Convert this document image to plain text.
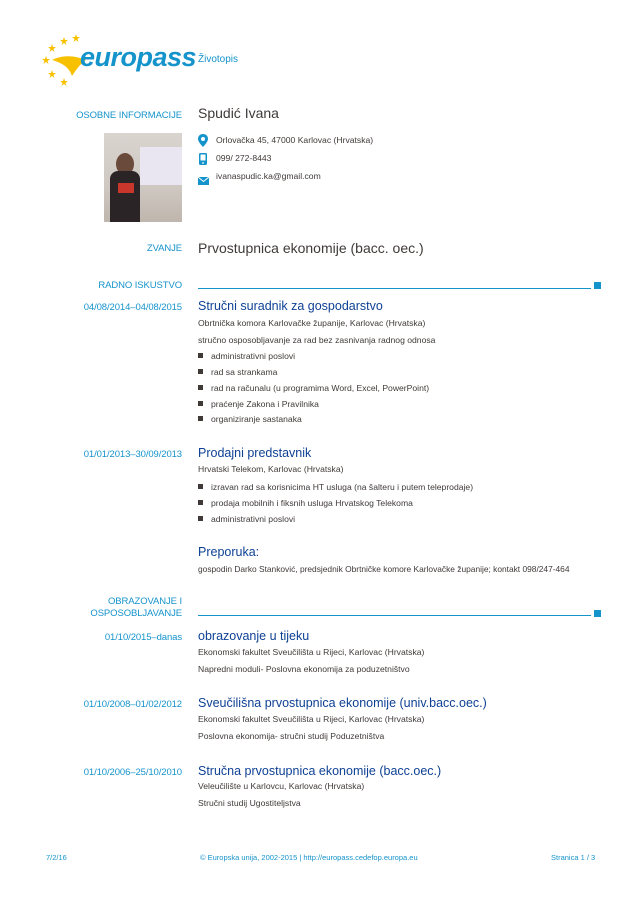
europass Životopis
OSOBNE INFORMACIJE Spudić Ivana
Orlovačka 45, 47000 Karlovac (Hrvatska)
099/ 272-8443
ivanaspudic.ka@gmail.com
ZVANJE Prvostupnica ekonomije (bacc. oec.)
RADNO ISKUSTVO
04/08/2014–04/08/2015 Stručni suradnik za gospodarstvo
Obrtnička komora Karlovačke županije, Karlovac (Hrvatska)
stručno osposobljavanje za rad bez zasnivanja radnog odnosa
administrativni poslovi
rad sa strankama
rad na računalu (u programima Word, Excel, PowerPoint)
praćenje Zakona i Pravilnika
organiziranje sastanaka
01/01/2013–30/09/2013 Prodajni predstavnik
Hrvatski Telekom, Karlovac (Hrvatska)
izravan rad sa korisnicima HT usluga (na šalteru i putem teleprodaje)
prodaja mobilnih i fiksnih usluga Hrvatskog Telekoma
administrativni poslovi
Preporuka:
gospodin Darko Stanković, predsjednik Obrtničke komore Karlovačke županije; kontakt 098/247-464
OBRAZOVANJE I
OSPOSOBLJAVANJE
01/10/2015–danas obrazovanje u tijeku
Ekonomski fakultet Sveučilišta u Rijeci, Karlovac (Hrvatska)
Napredni moduli- Poslovna ekonomija za poduzetništvo
01/10/2008–01/02/2012 Sveučilišna prvostupnica ekonomije (univ.bacc.oec.)
Ekonomski fakultet Sveučilišta u Rijeci, Karlovac (Hrvatska)
Poslovna ekonomija- stručni studij Poduzetništva
01/10/2006–25/10/2010 Stručna prvostupnica ekonomije (bacc.oec.)
Veleučilište u Karlovcu, Karlovac (Hrvatska)
Stručni studij Ugostiteljstva
7/2/16	© Europska unija, 2002-2015 | http://europass.cedefop.europa.eu	Stranica 1 / 3
